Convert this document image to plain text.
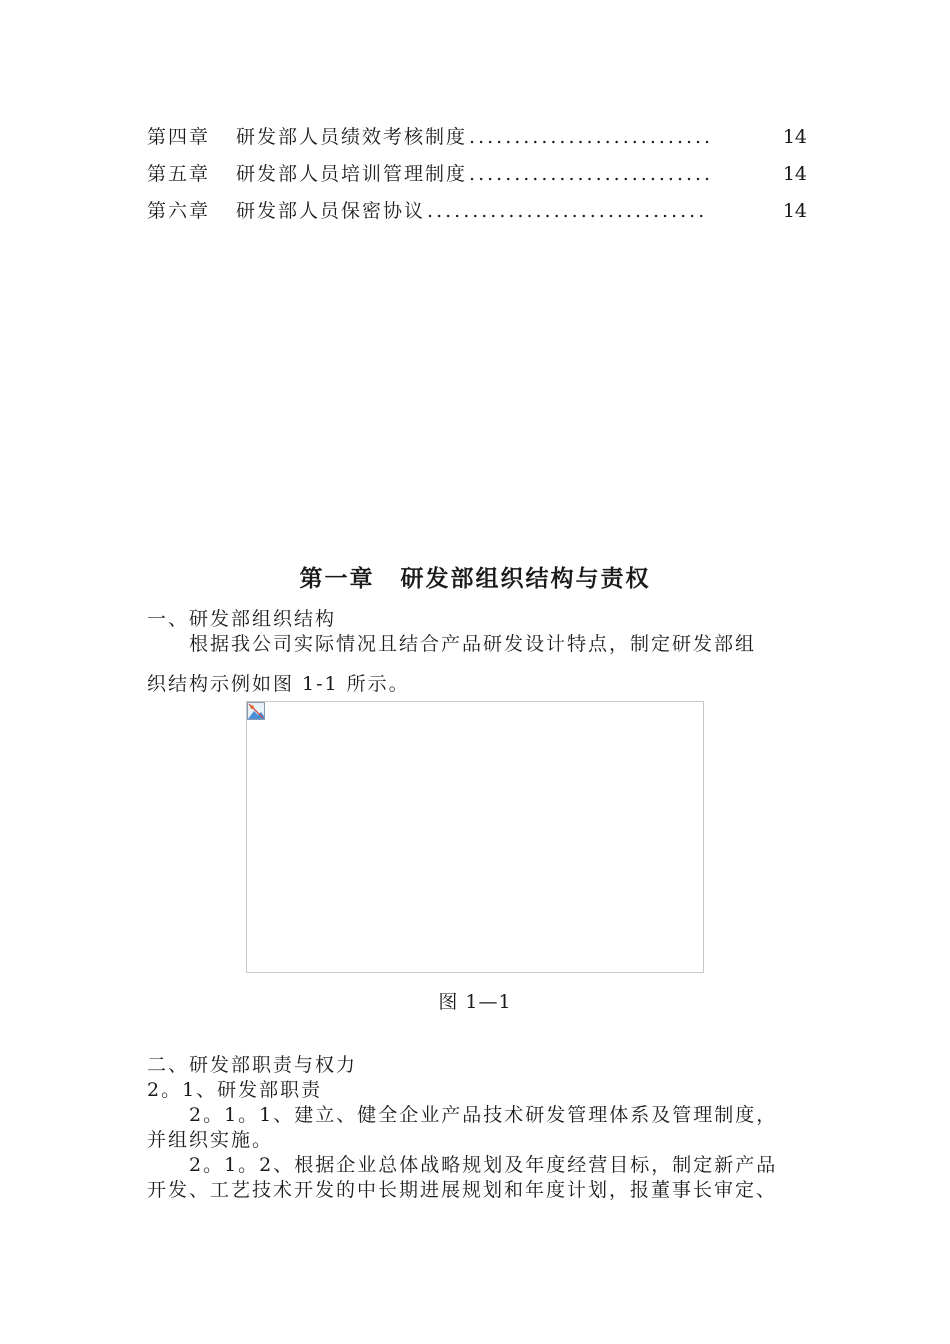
第四章 研发部人员绩效考核制度 ...........................	14
第五章 研发部人员培训管理制度 ...........................	14
第六章 研发部人员保密协议 ...............................	14
第一章 研发部组织结构与责权
一、研发部组织结构
根据我公司实际情况且结合产品研发设计特点，制定研发部组
织结构示例如图 1-1 所示。
图 1—1
二、研发部职责与权力
2。1、研发部职责
2。1。1、建立、健全企业产品技术研发管理体系及管理制度，
并组织实施。
2。1。2、根据企业总体战略规划及年度经营目标，制定新产品
开发、工艺技术开发的中长期进展规划和年度计划，报董事长审定、
